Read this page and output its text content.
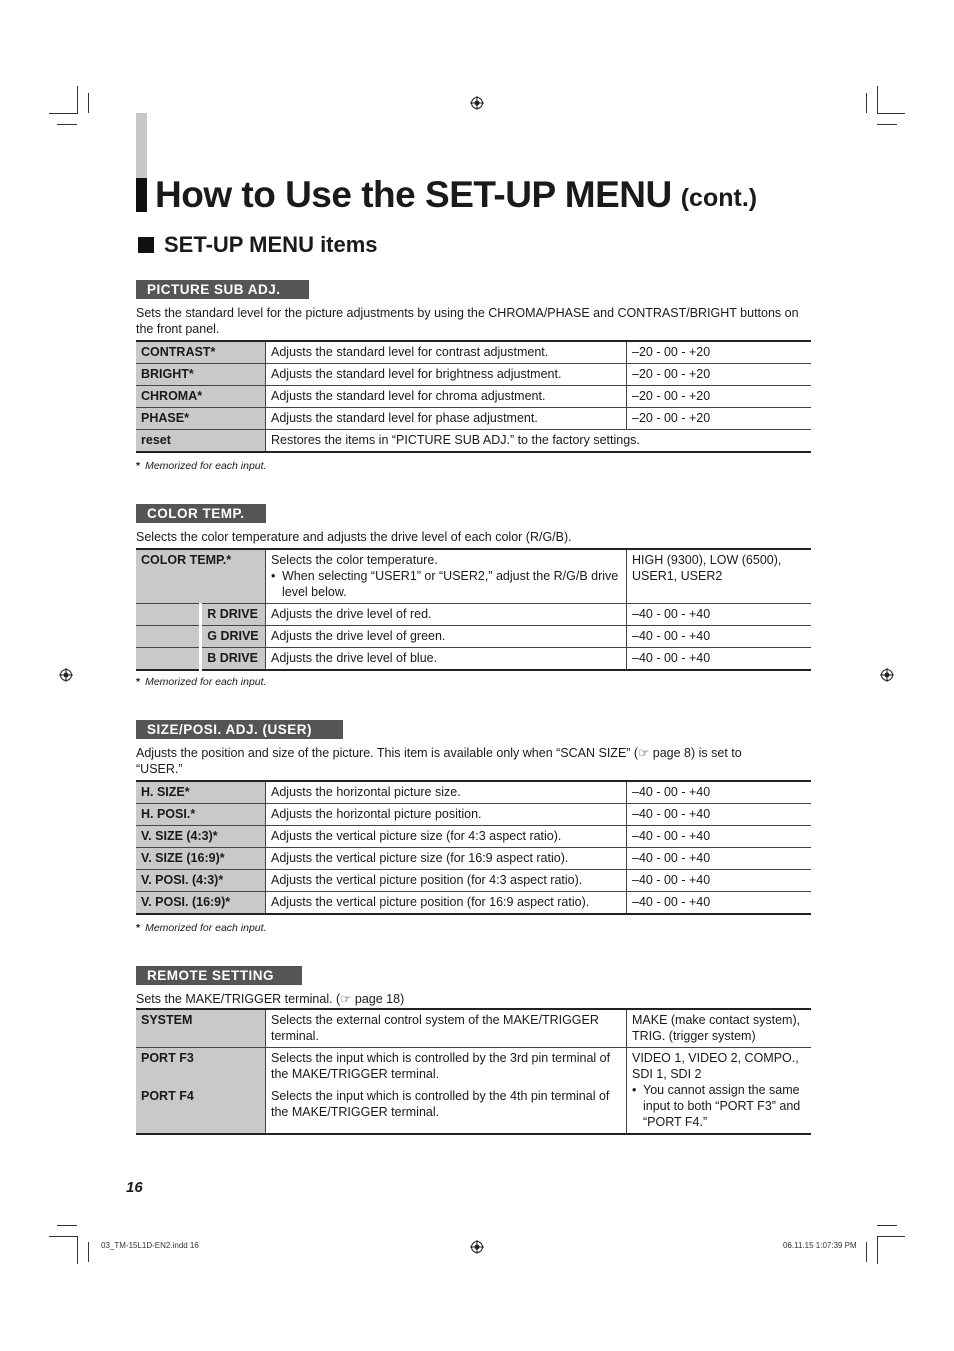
How to Use the SET-UP MENU (cont.)
SET-UP MENU items
PICTURE SUB ADJ.
Sets the standard level for the picture adjustments by using the CHROMA/PHASE and CONTRAST/BRIGHT buttons on the front panel.
CONTRAST*	Adjusts the standard level for contrast adjustment.	–20 - 00 - +20
BRIGHT*	Adjusts the standard level for brightness adjustment.	–20 - 00 - +20
CHROMA*	Adjusts the standard level for chroma adjustment.	–20 - 00 - +20
PHASE*	Adjusts the standard level for phase adjustment.	–20 - 00 - +20
reset	Restores the items in “PICTURE SUB ADJ.” to the factory settings.	
* Memorized for each input.
COLOR TEMP.
Selects the color temperature and adjusts the drive level of each color (R/G/B).
COLOR TEMP.*		Selects the color temperature.
• When selecting “USER1” or “USER2,” adjust the R/G/B drive level below.	HIGH (9300), LOW (6500), USER1, USER2
	R DRIVE	Adjusts the drive level of red.	–40 - 00 - +40
	G DRIVE	Adjusts the drive level of green.	–40 - 00 - +40
	B DRIVE	Adjusts the drive level of blue.	–40 - 00 - +40
* Memorized for each input.
SIZE/POSI. ADJ. (USER)
Adjusts the position and size of the picture. This item is available only when “SCAN SIZE” (☞ page 8) is set to “USER.”
H. SIZE*	Adjusts the horizontal picture size.	–40 - 00 - +40
H. POSI.*	Adjusts the horizontal picture position.	–40 - 00 - +40
V. SIZE (4:3)*	Adjusts the vertical picture size (for 4:3 aspect ratio).	–40 - 00 - +40
V. SIZE (16:9)*	Adjusts the vertical picture size (for 16:9 aspect ratio).	–40 - 00 - +40
V. POSI. (4:3)*	Adjusts the vertical picture position (for 4:3 aspect ratio).	–40 - 00 - +40
V. POSI. (16:9)*	Adjusts the vertical picture position (for 16:9 aspect ratio).	–40 - 00 - +40
* Memorized for each input.
REMOTE SETTING
Sets the MAKE/TRIGGER terminal. (☞ page 18)
SYSTEM	Selects the external control system of the MAKE/TRIGGER terminal.	MAKE (make contact system), TRIG. (trigger system)
PORT F3	Selects the input which is controlled by the 3rd pin terminal of the MAKE/TRIGGER terminal.	VIDEO 1, VIDEO 2, COMPO., SDI 1, SDI 2
• You cannot assign the same input to both “PORT F3” and “PORT F4.”

PORT F4	Selects the input which is controlled by the 4th pin terminal of the MAKE/TRIGGER terminal.	
16
03_TM-15L1D-EN2.indd 16	06.11.15 1:07:39 PM
